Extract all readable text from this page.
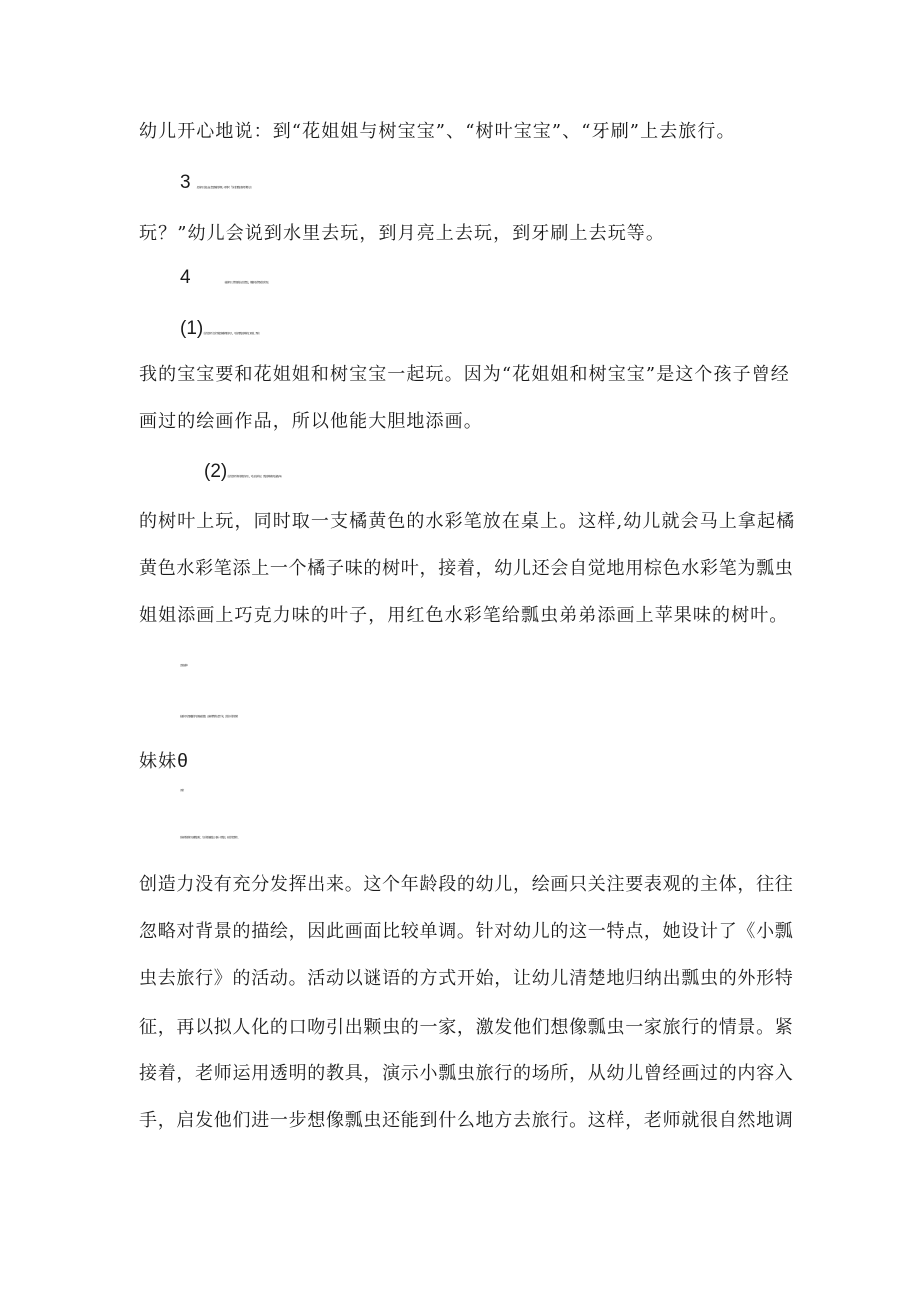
幼儿开心地说：到“花姐姐与树宝宝”、“树叶宝宝”、“牙刷”上去旅行。
3 .启发幼儿说出自己想添画的背景。幼师问：“你们的瓢虫喜欢到哪儿去
玩？”幼儿会说到水里去玩，到月亮上去玩，到牙刷上去玩等。
4	.鼓励幼儿大胆表现自己的想法，根据实际情况给予指导。
(1)重点指导不会或不敢添画背景的幼儿。可以用瓢虫妈妈的口吻说，我和
我的宝宝要和花姐姐和树宝宝一起玩。因为“花姐姐和树宝宝”是这个孩子曾经
画过的绘画作品，所以他能大胆地添画。
(2)重点指导不喜欢换色的幼儿。可以告诉孩子，瓢虫妈妈喜欢在橘子味
的树叶上玩，同时取一支橘黄色的水彩笔放在桌上。这样,幼儿就会马上拿起橘
黄色水彩笔添上一个橘子味的树叶，接着，幼儿还会自觉地用棕色水彩笔为瓢虫
姐姐添画上巧克力味的叶子，用红色水彩笔给瓢虫弟弟添画上苹果味的树叶。
活动延伸
鼓励幼儿把画面的内容编成故事，由老师帮助记录下来，送给小班的弟弟
妹妹θ
评析
张老师发现幼儿画瓢虫时，几乎张张画面上只画一只瓢虫，他们的想像力、
创造力没有充分发挥出来。这个年龄段的幼儿，绘画只关注要表观的主体，往往
忽略对背景的描绘，因此画面比较单调。针对幼儿的这一特点，她设计了《小瓢
虫去旅行》的活动。活动以谜语的方式开始，让幼儿清楚地归纳出瓢虫的外形特
征，再以拟人化的口吻引出颗虫的一家，激发他们想像瓢虫一家旅行的情景。紧
接着，老师运用透明的教具，演示小瓢虫旅行的场所，从幼儿曾经画过的内容入
手，启发他们进一步想像瓢虫还能到什么地方去旅行。这样，老师就很自然地调
